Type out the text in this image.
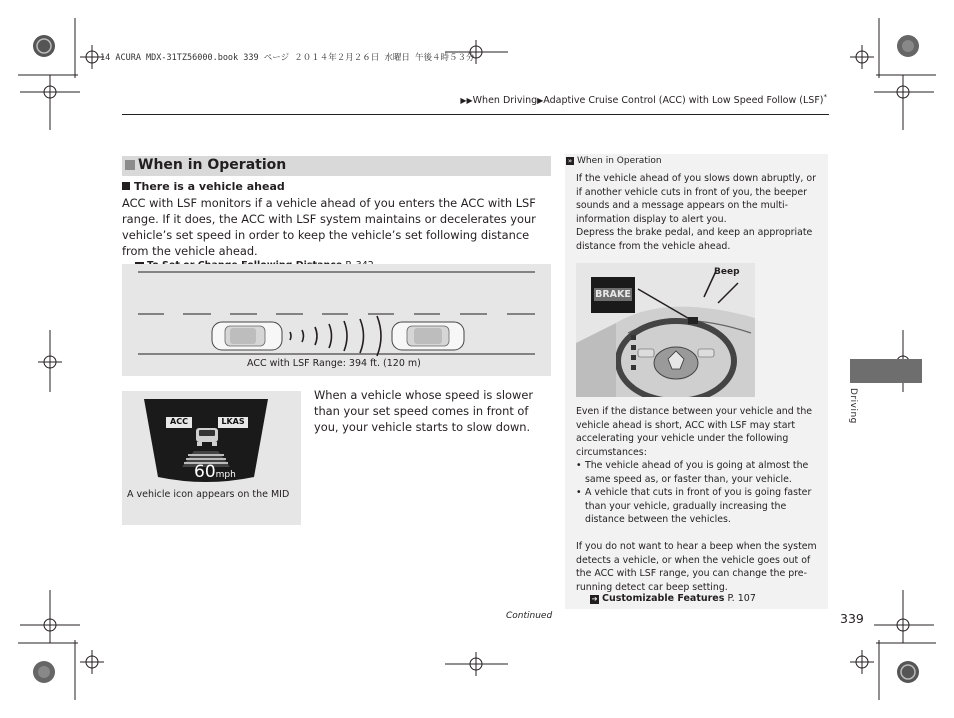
14 ACURA MDX-31TZ56000.book 339 ページ ２０１４年２月２６日 水曜日 午後４時５３分
▶▶When Driving▶Adaptive Cruise Control (ACC) with Low Speed Follow (LSF)*
When in Operation
There is a vehicle ahead
ACC with LSF monitors if a vehicle ahead of you enters the ACC with LSF range. If it does, the ACC with LSF system maintains or decelerates your vehicle’s set speed in order to keep the vehicle’s set following distance from the vehicle ahead.
ACC with LSF Range: 394 ft. (120 m)
ACC	LKAS
60mph
A vehicle icon appears on the MID
When a vehicle whose speed is slower than your set speed comes in front of you, your vehicle starts to slow down.
» When in Operation
If the vehicle ahead of you slows down abruptly, or if another vehicle cuts in front of you, the beeper sounds and a message appears on the multi-information display to alert you.
Depress the brake pedal, and keep an appropriate distance from the vehicle ahead.
BRAKE
Beep
Even if the distance between your vehicle and the vehicle ahead is short, ACC with LSF may start accelerating your vehicle under the following circumstances:
• The vehicle ahead of you is going at almost the same speed as, or faster than, your vehicle.
• A vehicle that cuts in front of you is going faster than your vehicle, gradually increasing the distance between the vehicles.
If you do not want to hear a beep when the system detects a vehicle, or when the vehicle goes out of the ACC with LSF range, you can change the pre-running detect car beep setting.
➔ Customizable Features P. 107
Driving
Continued	339
